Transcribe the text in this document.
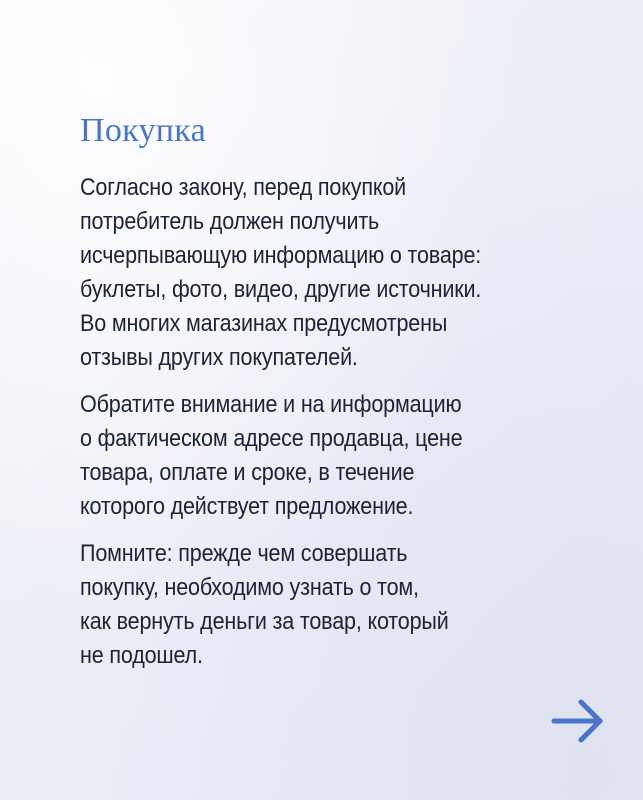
Покупка

Согласно закону, перед покупкой
потребитель должен получить
исчерпывающую информацию о товаре:
буклеты, фото, видео, другие источники.
Во многих магазинах предусмотрены
отзывы других покупателей.

Обратите внимание и на информацию
о фактическом адресе продавца, цене
товара, оплате и сроке, в течение
которого действует предложение.

Помните: прежде чем совершать
покупку, необходимо узнать о том,
как вернуть деньги за товар, который
не подошел.
